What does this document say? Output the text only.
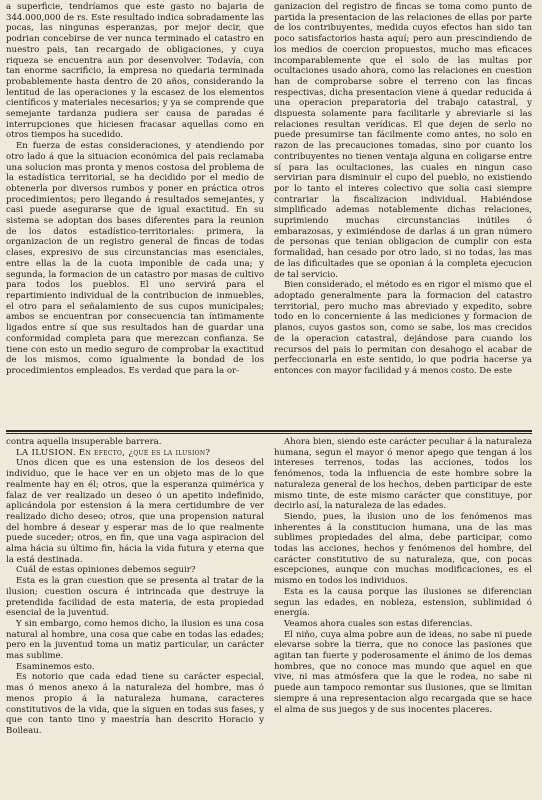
a superficie, tendríamos que este gasto no bajaria de 344.000,000 de rs. Este resultado indica sobradamente las pocas, las ningunas esperanzas, por mejor decir, que podrian concebirse de ver nunca terminado el catastro en nuestro pais, tan recargado de obligaciones, y cuya riqueza se encuentra aun por desenvolver. Todavía, con tan enorme sacrificio, la empresa no quedaria terminada probablemente hasta dentro de 20 años, considerando la lentitud de las operaciones y la escasez de los elementos científicos y materiales necesarios; y ya se comprende que semejante tardanza pudiera ser causa de paradas é interrupciones que hiciesen fracasar aquellas como en otros tiempos ha sucedido.

En fuerza de estas consideraciones, y atendiendo por otro lado á que la situacion económica del pais reclamaba una solucion mas pronta y menos costosa del problema de la estadística territorial, se ha decidido por el medio de obtenerla por diversos rumbos y poner en práctica otros procedimientos; pero llegando á resultados semejantes, y casi puede asegurarse que de igual exactitud. En su sistema se adoptan dos bases diferentes para la reunion de los datos estadístico-territoriales: primera, la organizacion de un registro general de fincas de todas clases, expresivo de sus circunstancias mas esenciales, entre ellas la de la cuota imponible de cada una; y segunda, la formacion de un catastro por masas de cultivo para todos los pueblos. El uno servirá para el repartimiento individual de la contribucion de inmuebles, el otro para el señalamiento de sus cupos municipales; ambos se encuentran por consecuencia tan íntimamente ligados entre sí que sus resultados han de guardar una conformidad completa para que merezcan confianza. Se tiene con esto un medio seguro de comprobar la exactitud de los mismos, como igualmente la bondad de los procedimientos empleados. Es verdad que para la or-

ganizacion del registro de fincas se toma como punto de partida la presentacion de las relaciones de ellas por parte de los contribuyentes, medida cuyos efectos han sido tan poco satisfactorios hasta aquí; pero aun prescindiendo de los medios de coercion propuestos, mucho mas eficaces incomparablemente que el solo de las multas por ocultaciones usado ahora, como las relaciones en cuestion han de comprobarse sobre el terreno con las fincas respectivas, dicha presentacion viene á quedar reducida á una operacion preparatoria del trabajo catastral, y dispuesta solamente para facilitarle y abreviarle si las relaciones resultan verídicas. El que dejen de serlo no puede presumirse tan fácilmente como antes, no solo en razon de las precauciones tomadas, sino por cuanto los contribuyentes no tienen ventaja alguna en coligarse entre sí para las ocultaciones, las cuales en ningun caso servirian para disminuir el cupo del pueblo, no existiendo por lo tanto el interes colectivo que solia casi siempre contrariar la fiscalizacion individual. Habiéndose simplificado ademas notablemente dichas relaciones, suprimiendo muchas circunstancias inútiles ó embarazosas, y eximiéndose de darlas á un gran número de personas que tenian obligacion de cumplir con esta formalidad, han cesado por otro lado, si no todas, las mas de las dificultades que se oponian á la completa ejecucion de tal servicio.

Bien considerado, el método es en rigor el mismo que el adoptado generalmente para la formacion del catastro territorial, pero mucho mas abreviado y expedito, sobre todo en lo concerniente á las mediciones y formacion de planos, cuyos gastos son, como se sabe, los mas crecidos de la operacion catastral, dejándose para cuando los recursos del pais lo permitan con desahogo el acabar de perfeccionarla en este sentido, lo que podria hacerse ya entonces con mayor facilidad y á menos costo. De este

contra aquella insuperable barrera.

LA ILUSION. En efecto, ¿qué es la ilusion?

Unos dicen que es una estension de los deseos del individuo, que le hace ver en un objeto mas de lo que realmente hay en él; otros, que la esperanza quimérica y falaz de ver realizado un deseo ó un apetito indefinido, aplicándola por estension á la mera certidumbre de ver realizado dicho deseo; otros, que una propension natural del hombre á desear y esperar mas de lo que realmente puede suceder; otros, en fin, que una vaga aspiracion del alma hácia su último fin, hácia la vida futura y eterna que la está destinada.

Cuál de estas opiniones debemos seguir?

Esta es la gran cuestion que se presenta al tratar de la ilusion; cuestion oscura é intrincada que destruye la pretendida facilidad de esta materia, de esta propiedad esencial de la juventud.

Y sin embargo, como hemos dicho, la ilusion es una cosa natural al hombre, una cosa que cabe en todas las edades; pero en la juventud toma un matiz particular, un carácter mas sublime.

Esaminemos esto.

Es notorio que cada edad tiene su carácter especial, mas ó menos anexo á la naturaleza del hombre, mas ó menos propio á la naturaleza humana, caracteres constitutivos de la vida, que la siguen en todas sus fases, y que con tanto tino y maestría han descrito Horacio y Boileau.

Ahora bien, siendo este carácter peculiar á la naturaleza humana, segun el mayor ó menor apego que tengan á los intereses terrenos, todas las acciones, todos los fenómenos, toda la influencia de este hombre sobre la naturaleza general de los hechos, deben participar de este mismo tinte, de este mismo carácter que constituye, por decirlo así, la naturaleza de las edades.

Siendo, pues, la ilusion uno de los fenómenos mas inherentes á la constitucion humana, una de las mas sublimes propiedades del alma, debe participar, como todas las acciones, hechos y fenómenos del hombre, del carácter constitutivo de su naturaleza, que, con pocas escepciones, aunque con muchas modificaciones, es el mismo en todos los individuos.

Esta es la causa porque las ilusiones se diferencian segun las edades, en nobleza, estension, sublimidad ó energía.

Veamos ahora cuales son estas diferencias.

El niño, cuya alma pobre aun de ideas, no sabe ni puede elevarse sobre la tierra, que no conoce las pasiones que agitan tan fuerte y poderosamente el ánimo de los demas hombres, que no conoce mas mundo que aquel en que vive, ni mas atmósfera que la que le rodea, no sabe ni puede aun tampoco remontar sus ilusiones, que se limitan siempre á una representacion algo recargada que se hace el alma de sus juegos y de sus inocentes placeres.
